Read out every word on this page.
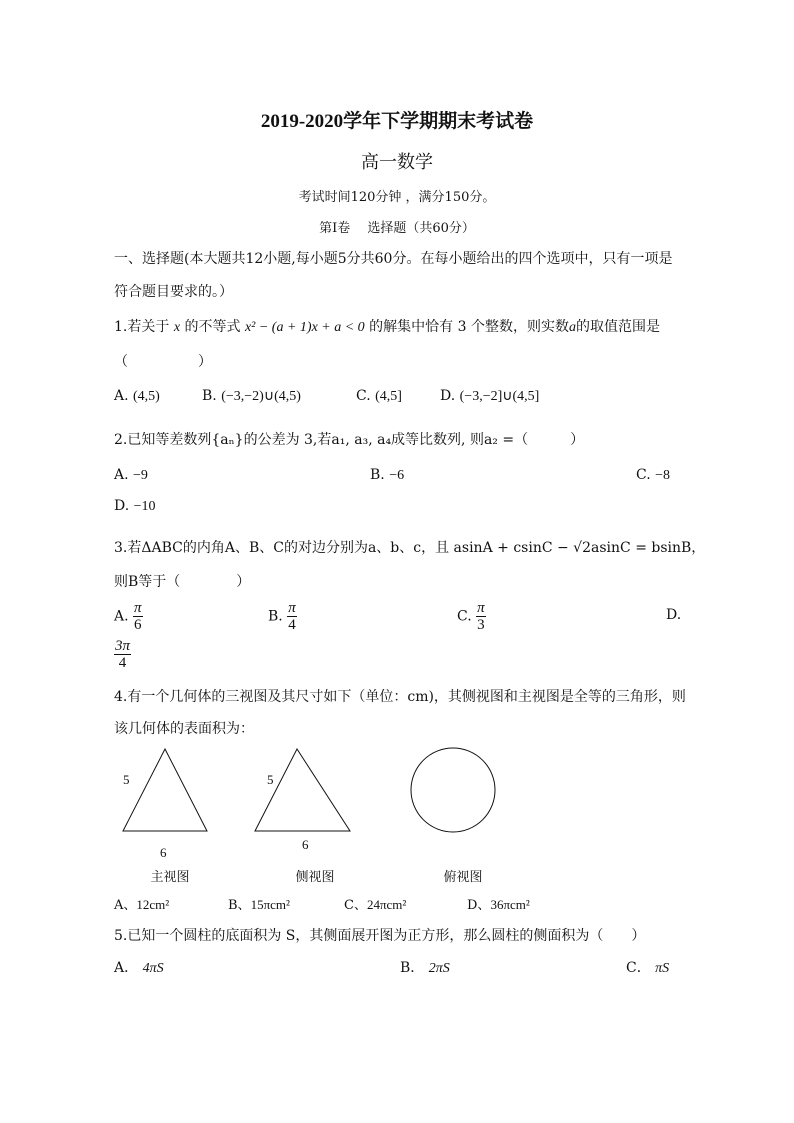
2019-2020学年下学期期末考试卷
高一数学
考试时间120分钟 ，满分150分。
第Ⅰ卷　 选择题（共60分）
一、选择题(本大题共12小题,每小题5分共60分。在每小题给出的四个选项中，只有一项是
符合题目要求的。）
1.若关于 x 的不等式 x² − (a + 1)x + a < 0 的解集中恰有 3 个整数，则实数a的取值范围是
（　　　　　）
A. (4,5)	B. (−3,−2)∪(4,5)	C. (4,5]	D. (−3,−2]∪(4,5]
2.已知等差数列{aₙ}的公差为 3,若a₁, a₃, a₄成等比数列, 则a₂ =（　　　）
A. −9	B. −6	C. −8
D. −10
3.若ΔABC的内角A、B、C的对边分别为a、b、c，且 asinA + csinC − √2asinC = bsinB，
则B等于（　　　　）
A. $\frac{\pi}{6}$	B. $\frac{\pi}{4}$	C. $\frac{\pi}{3}$	D.
$\frac{3\pi}{4}$
4.有一个几何体的三视图及其尺寸如下（单位：cm)，其侧视图和主视图是全等的三角形，则
该几何体的表面积为：
5
6
5
6
主视图	侧视图	俯视图
A、12cm²	B、15πcm²	C、24πcm²	D、36πcm²
5.已知一个圆柱的底面积为 S，其侧面展开图为正方形，那么圆柱的侧面积为（　　）
A． 4πS	B． 2πS	C． πS
